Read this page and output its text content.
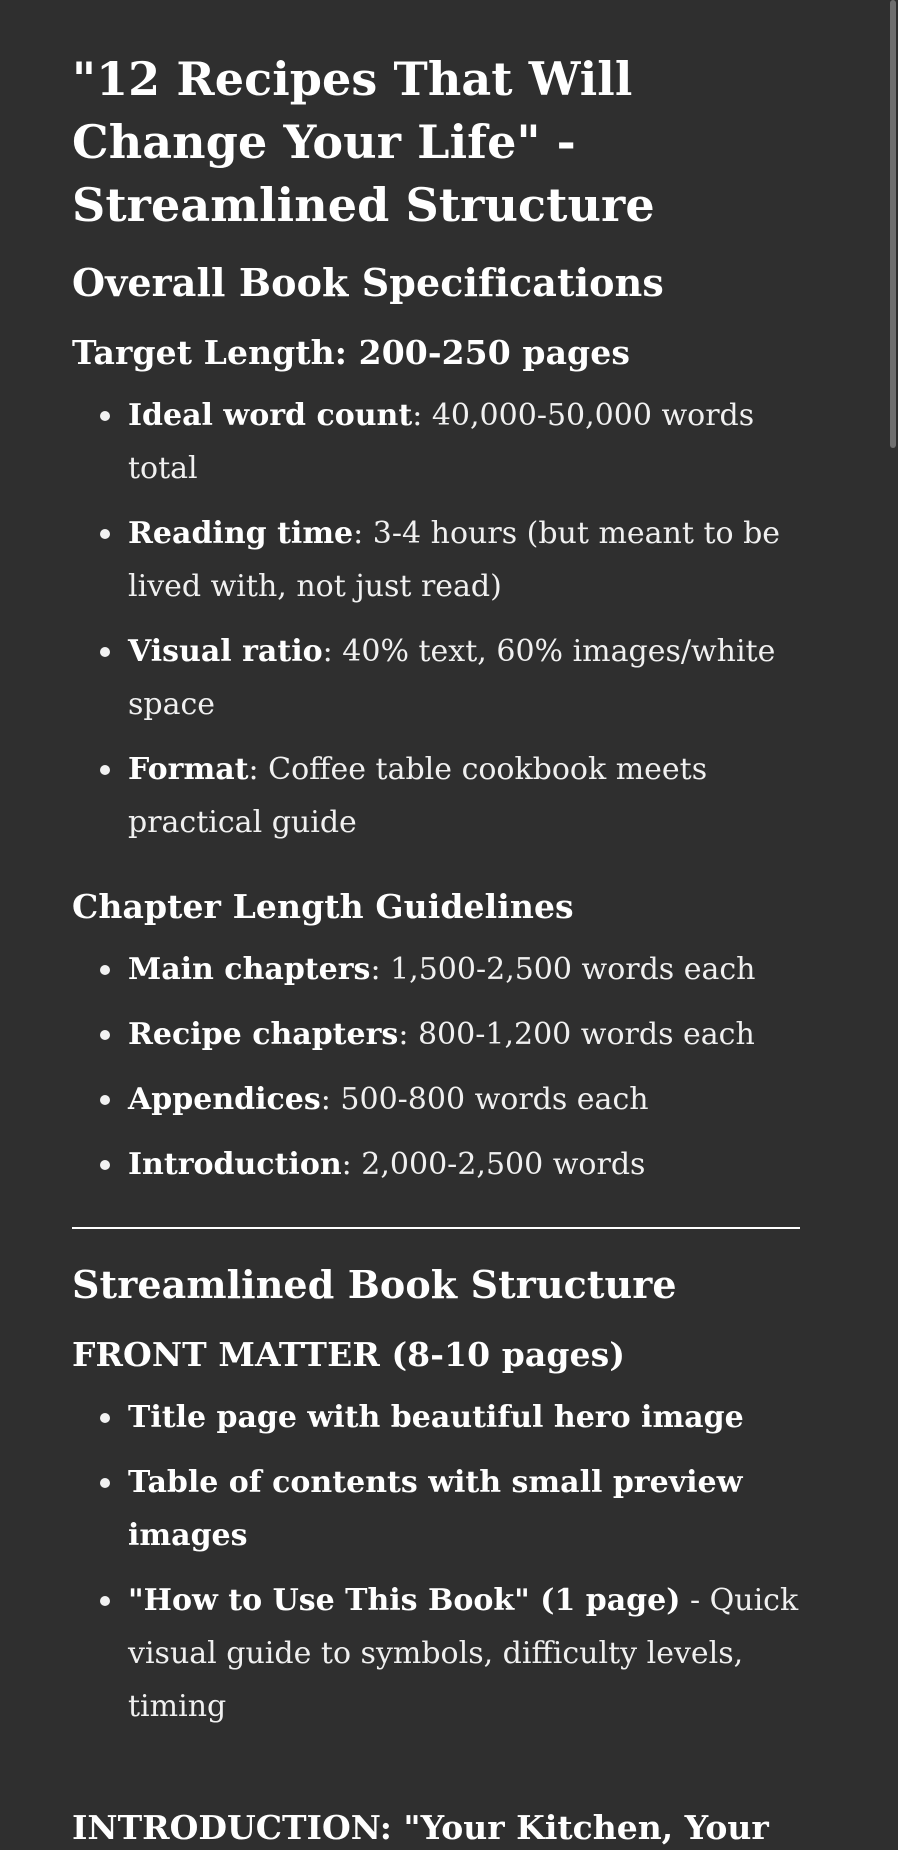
"12 Recipes That Will Change Your Life" - Streamlined Structure
Overall Book Specifications
Target Length: 200-250 pages
Ideal word count: 40,000-50,000 words total
Reading time: 3-4 hours (but meant to be lived with, not just read)
Visual ratio: 40% text, 60% images/white space
Format: Coffee table cookbook meets practical guide
Chapter Length Guidelines
Main chapters: 1,500-2,500 words each
Recipe chapters: 800-1,200 words each
Appendices: 500-800 words each
Introduction: 2,000-2,500 words
Streamlined Book Structure
FRONT MATTER (8-10 pages)
Title page with beautiful hero image
Table of contents with small preview images
"How to Use This Book" (1 page) - Quick visual guide to symbols, difficulty levels, timing
INTRODUCTION: "Your Kitchen, Your
